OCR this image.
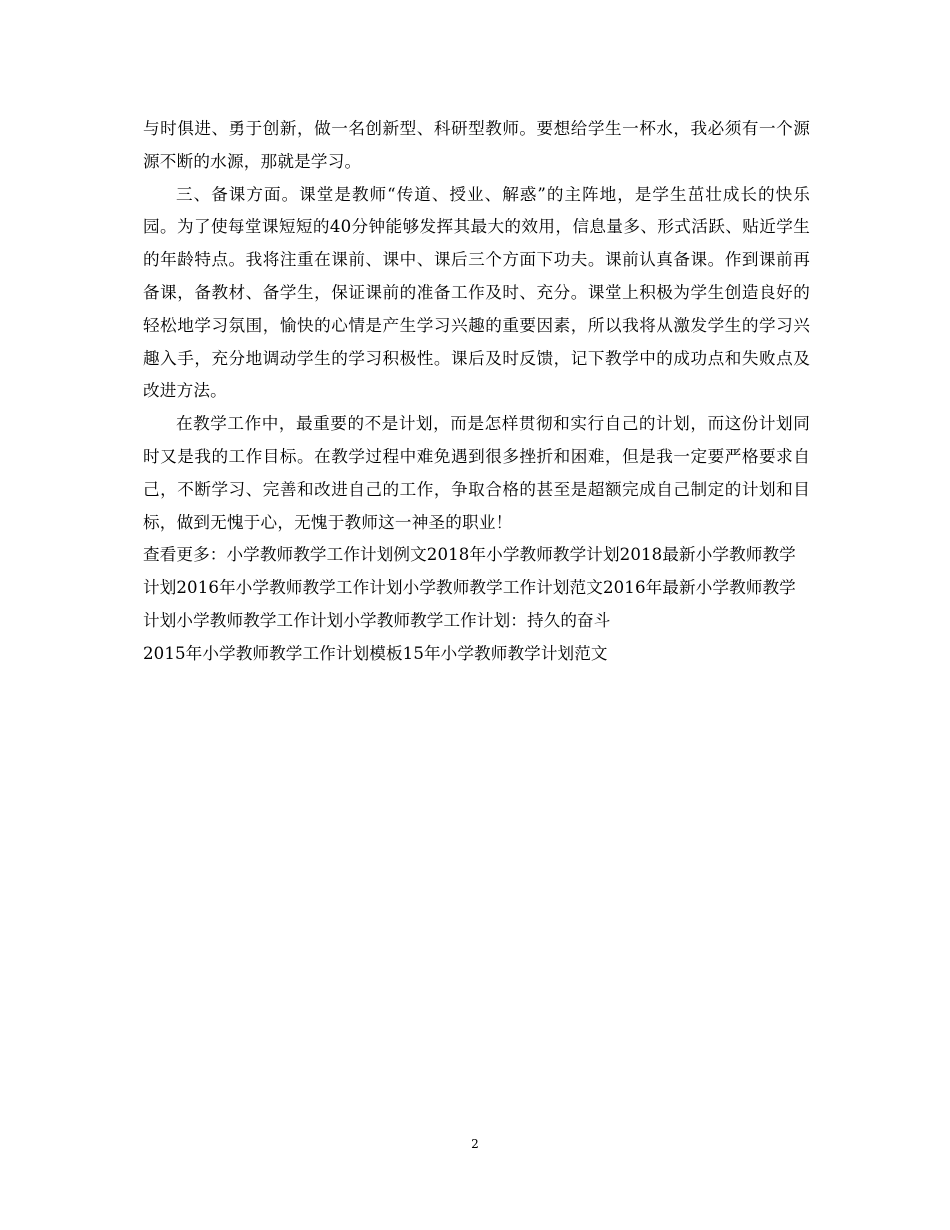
与时俱进、勇于创新，做一名创新型、科研型教师。要想给学生一杯水，我必须有一个源源不断的水源，那就是学习。

三、备课方面。课堂是教师“传道、授业、解惑”的主阵地，是学生茁壮成长的快乐园。为了使每堂课短短的40分钟能够发挥其最大的效用，信息量多、形式活跃、贴近学生的年龄特点。我将注重在课前、课中、课后三个方面下功夫。课前认真备课。作到课前再备课，备教材、备学生，保证课前的准备工作及时、充分。课堂上积极为学生创造良好的轻松地学习氛围，愉快的心情是产生学习兴趣的重要因素，所以我将从激发学生的学习兴趣入手，充分地调动学生的学习积极性。课后及时反馈，记下教学中的成功点和失败点及改进方法。

在教学工作中，最重要的不是计划，而是怎样贯彻和实行自己的计划，而这份计划同时又是我的工作目标。在教学过程中难免遇到很多挫折和困难，但是我一定要严格要求自己，不断学习、完善和改进自己的工作，争取合格的甚至是超额完成自己制定的计划和目标，做到无愧于心，无愧于教师这一神圣的职业！

查看更多：小学教师教学工作计划例文2018年小学教师教学计划2018最新小学教师教学计划2016年小学教师教学工作计划小学教师教学工作计划范文2016年最新小学教师教学计划小学教师教学工作计划小学教师教学工作计划：持久的奋斗
2015年小学教师教学工作计划模板15年小学教师教学计划范文

2
